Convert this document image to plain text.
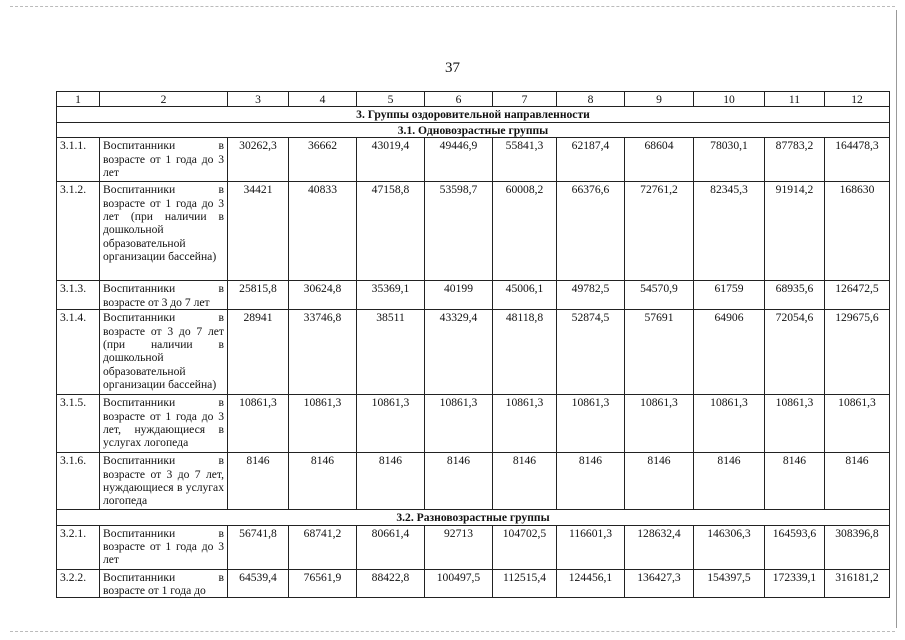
37
1	2	3	4	5	6	7	8	9	10	11	12
3. Группы оздоровительной направленности											
3.1. Одновозрастные группы											
3.1.1.	Воспитанники в возрасте от 1 года до 3 лет	30262,3	36662	43019,4	49446,9	55841,3	62187,4	68604	78030,1	87783,2	164478,3
3.1.2.	Воспитанники в возрасте от 1 года до 3 лет (при наличии в дошкольной образовательной организации бассейна)	34421	40833	47158,8	53598,7	60008,2	66376,6	72761,2	82345,3	91914,2	168630
3.1.3.	Воспитанники в возрасте от 3 до 7 лет	25815,8	30624,8	35369,1	40199	45006,1	49782,5	54570,9	61759	68935,6	126472,5
3.1.4.	Воспитанники в возрасте от 3 до 7 лет (при наличии в дошкольной образовательной организации бассейна)	28941	33746,8	38511	43329,4	48118,8	52874,5	57691	64906	72054,6	129675,6
3.1.5.	Воспитанники в возрасте от 1 года до 3 лет, нуждающиеся в услугах логопеда	10861,3	10861,3	10861,3	10861,3	10861,3	10861,3	10861,3	10861,3	10861,3	10861,3
3.1.6.	Воспитанники в возрасте от 3 до 7 лет, нуждающиеся в услугах логопеда	8146	8146	8146	8146	8146	8146	8146	8146	8146	8146
3.2. Разновозрастные группы											
3.2.1.	Воспитанники в возрасте от 1 года до 3 лет	56741,8	68741,2	80661,4	92713	104702,5	116601,3	128632,4	146306,3	164593,6	308396,8
3.2.2.	Воспитанники в возрасте от 1 года до	64539,4	76561,9	88422,8	100497,5	112515,4	124456,1	136427,3	154397,5	172339,1	316181,2
